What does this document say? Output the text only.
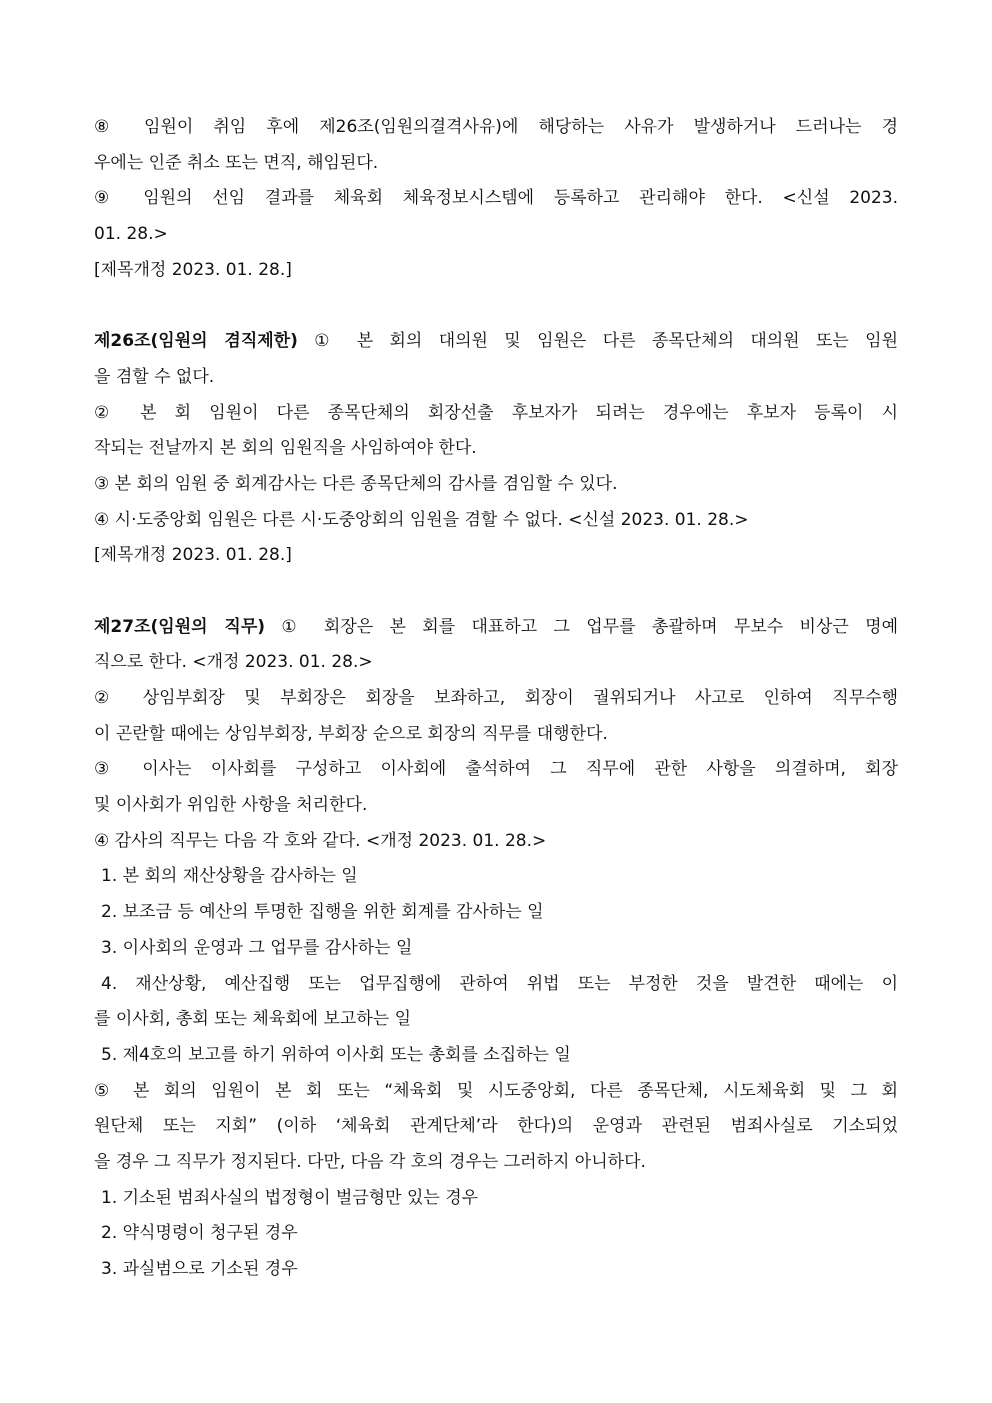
⑧ 임원이 취임 후에 제26조(임원의결격사유)에 해당하는 사유가 발생하거나 드러나는 경
우에는 인준 취소 또는 면직, 해임된다.
⑨ 임원의 선임 결과를 체육회 체육정보시스템에 등록하고 관리해야 한다. <신설 2023.
01. 28.>
[제목개정 2023. 01. 28.]
제26조(임원의 겸직제한) ① 본 회의 대의원 및 임원은 다른 종목단체의 대의원 또는 임원
을 겸할 수 없다.
② 본 회 임원이 다른 종목단체의 회장선출 후보자가 되려는 경우에는 후보자 등록이 시
작되는 전날까지 본 회의 임원직을 사임하여야 한다.
③ 본 회의 임원 중 회계감사는 다른 종목단체의 감사를 겸임할 수 있다.
④ 시·도중앙회 임원은 다른 시·도중앙회의 임원을 겸할 수 없다. <신설 2023. 01. 28.>
[제목개정 2023. 01. 28.]
제27조(임원의 직무) ① 회장은 본 회를 대표하고 그 업무를 총괄하며 무보수 비상근 명예
직으로 한다. <개정 2023. 01. 28.>
② 상임부회장 및 부회장은 회장을 보좌하고, 회장이 궐위되거나 사고로 인하여 직무수행
이 곤란할 때에는 상임부회장, 부회장 순으로 회장의 직무를 대행한다.
③ 이사는 이사회를 구성하고 이사회에 출석하여 그 직무에 관한 사항을 의결하며, 회장
및 이사회가 위임한 사항을 처리한다.
④ 감사의 직무는 다음 각 호와 같다. <개정 2023. 01. 28.>
1. 본 회의 재산상황을 감사하는 일
2. 보조금 등 예산의 투명한 집행을 위한 회계를 감사하는 일
3. 이사회의 운영과 그 업무를 감사하는 일
4. 재산상황, 예산집행 또는 업무집행에 관하여 위법 또는 부정한 것을 발견한 때에는 이
를 이사회, 총회 또는 체육회에 보고하는 일
5. 제4호의 보고를 하기 위하여 이사회 또는 총회를 소집하는 일
⑤ 본 회의 임원이 본 회 또는 “체육회 및 시도중앙회, 다른 종목단체, 시도체육회 및 그 회
원단체 또는 지회” (이하 ‘체육회 관계단체’라 한다)의 운영과 관련된 범죄사실로 기소되었
을 경우 그 직무가 정지된다. 다만, 다음 각 호의 경우는 그러하지 아니하다.
1. 기소된 범죄사실의 법정형이 벌금형만 있는 경우
2. 약식명령이 청구된 경우
3. 과실범으로 기소된 경우
